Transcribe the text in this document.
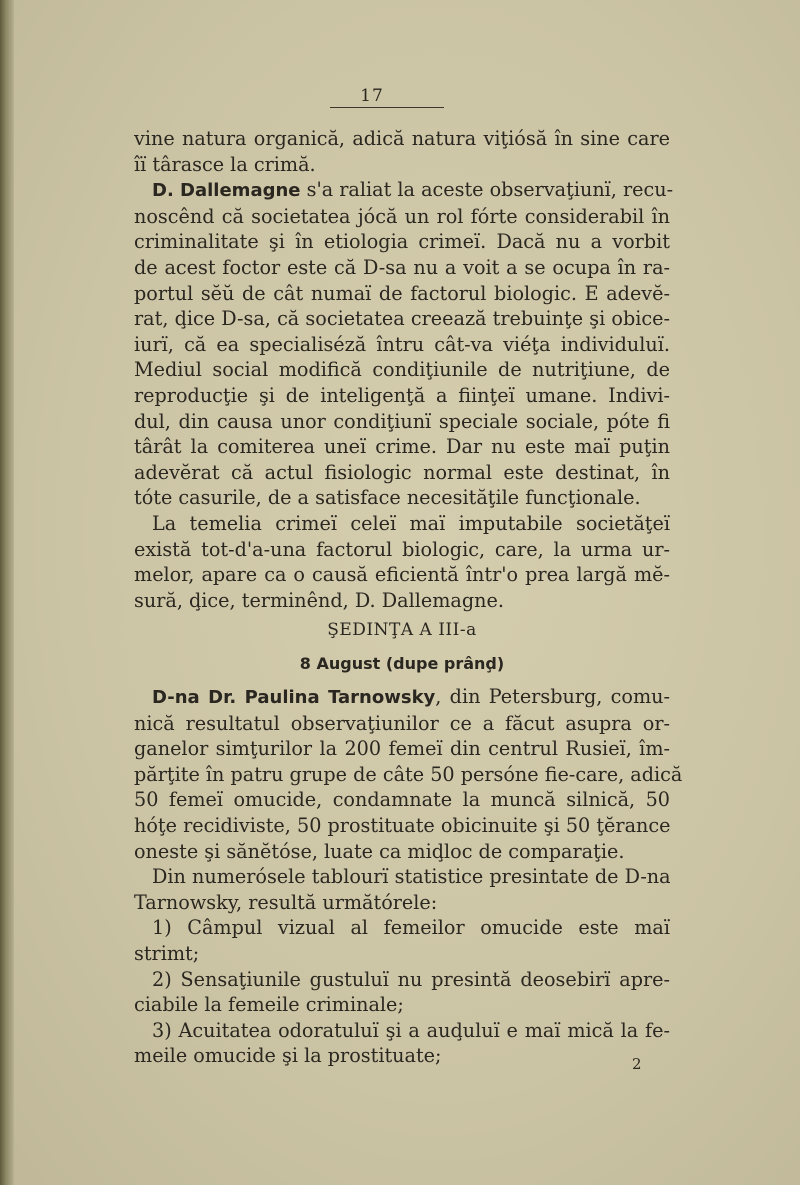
17
vine natura organică, adică natura viţiósă în sine care
îï târasce la crimă.
D. Dallemagne s'a raliat la aceste observaţiunï, recu-
noscênd că societatea jócă un rol fórte considerabil în
criminalitate şi în etiologia crimeï. Dacă nu a vorbit
de acest foctor este că D-sa nu a voit a se ocupa în ra-
portul sĕŭ de cât numaï de factorul biologic. E adevĕ-
rat, ḑice D-sa, că societatea creează trebuinţe şi obice-
iurï, că ea specialiséză întru cât-va viéţa individuluï.
Mediul social modifică condiţiunile de nutriţiune, de
reproducţie şi de inteligenţă a fiinţeï umane. Indivi-
dul, din causa unor condiţiunï speciale sociale, póte fi
târât la comiterea uneï crime. Dar nu este maï puţin
adevĕrat că actul fisiologic normal este destinat, în
tóte casurile, de a satisface necesităţile funcţionale.
La temelia crimeï celeï maï imputabile societăţeï
există tot-d'a-una factorul biologic, care, la urma ur-
melor, apare ca o causă eficientă într'o prea largă mĕ-
sură, ḑice, terminênd, D. Dallemagne.
ŞEDINŢA A III-a
8 August (dupe prânḑ)
D-na Dr. Paulina Tarnowsky, din Petersburg, comu-
nică resultatul observaţiunilor ce a făcut asupra or-
ganelor simţurilor la 200 femeï din centrul Rusieï, îm-
părţite în patru grupe de câte 50 persóne fie-care, adică
50 femeï omucide, condamnate la muncă silnică, 50
hóţe recidiviste, 50 prostituate obicinuite şi 50 ţĕrance
oneste şi sănĕtóse, luate ca miḑloc de comparaţie.
Din numerósele tablourï statistice presintate de D-na
Tarnowsky, resultă următórele:
1) Câmpul vizual al femeilor omucide este maï
strimt;
2) Sensaţiunile gustuluï nu presintă deosebirï apre-
ciabile la femeile criminale;
3) Acuitatea odoratuluï şi a auḑuluï e maï mică la fe-
meile omucide şi la prostituate;	2
